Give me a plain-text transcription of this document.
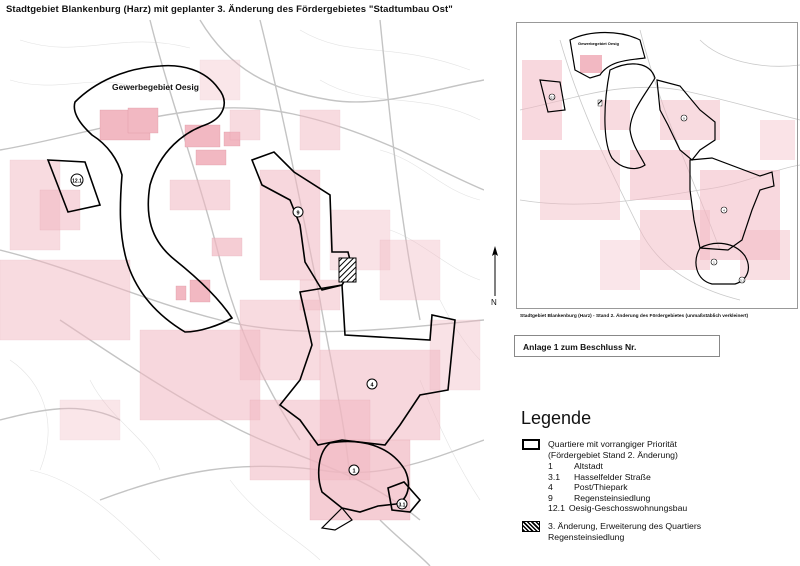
Stadtgebiet Blankenburg (Harz) mit geplanter 3. Änderung des Fördergebietes "Stadtumbau Ost"
Gewerbegebiet Oesig
12.1
9
4
1
3.1
Gewerbegebiet Oesig
12.1
9
4
1
3.1
Stadtgebiet Blankenburg (Harz) - Stand 2. Änderung des Fördergebietes (unmaßstäblich verkleinert)
N
Anlage 1 zum Beschluss Nr.
Legende
Quartiere mit vorrangiger Priorität
(Fördergebiet Stand 2. Änderung)
1 Altstadt
3.1 Hasselfelder Straße
4 Post/Thiepark
9 Regensteinsiedlung
12.1 Oesig-Geschosswohnungsbau
3. Änderung, Erweiterung des Quartiers
Regensteinsiedlung
